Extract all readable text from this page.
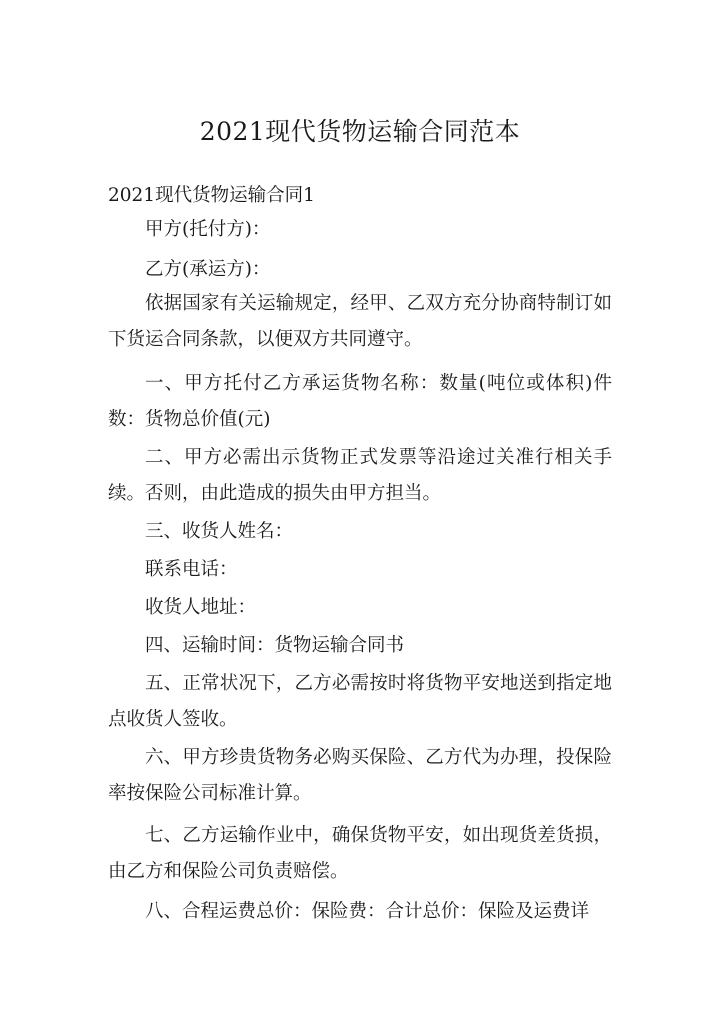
2021现代货物运输合同范本

2021现代货物运输合同1

甲方(托付方)：

乙方(承运方)：

依据国家有关运输规定，经甲、乙双方充分协商特制订如下货运合同条款，以便双方共同遵守。

一、甲方托付乙方承运货物名称：数量(吨位或体积)件数：货物总价值(元)

二、甲方必需出示货物正式发票等沿途过关准行相关手续。否则，由此造成的损失由甲方担当。

三、收货人姓名：

联系电话：

收货人地址：

四、运输时间：货物运输合同书

五、正常状况下，乙方必需按时将货物平安地送到指定地点收货人签收。

六、甲方珍贵货物务必购买保险、乙方代为办理，投保险率按保险公司标准计算。

七、乙方运输作业中，确保货物平安，如出现货差货损，由乙方和保险公司负责赔偿。

八、合程运费总价：保险费：合计总价：保险及运费详
